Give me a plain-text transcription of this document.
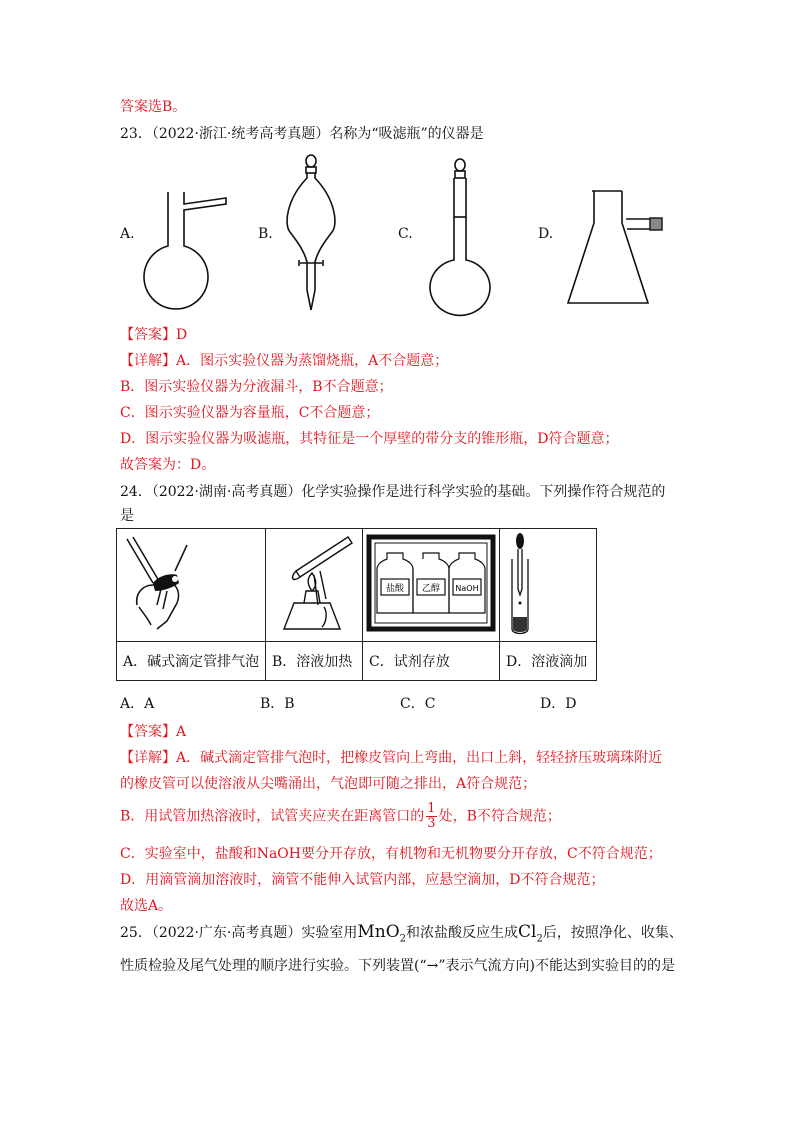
答案选B。
23．（2022·浙江·统考高考真题）名称为“吸滤瓶”的仪器是
A.	B.	C.	D.
【答案】D
【详解】A．图示实验仪器为蒸馏烧瓶，A不合题意；
B．图示实验仪器为分液漏斗，B不合题意；
C．图示实验仪器为容量瓶，C不合题意；
D．图示实验仪器为吸滤瓶，其特征是一个厚壁的带分支的锥形瓶，D符合题意；
故答案为：D。
24．（2022·湖南·高考真题）化学实验操作是进行科学实验的基础。下列操作符合规范的
是

盐酸 乙醇 NaOH

A．碱式滴定管排气泡	B．溶液加热	C．试剂存放	D．溶液滴加
A．A	B．B	C．C	D．D
【答案】A
【详解】A．碱式滴定管排气泡时，把橡皮管向上弯曲，出口上斜，轻轻挤压玻璃珠附近
的橡皮管可以使溶液从尖嘴涌出，气泡即可随之排出，A符合规范；
B．用试管加热溶液时，试管夹应夹在距离管口的 $\frac{1}{3}$ 处，B不符合规范；
C．实验室中，盐酸和NaOH要分开存放，有机物和无机物要分开存放，C不符合规范；
D．用滴管滴加溶液时，滴管不能伸入试管内部，应悬空滴加，D不符合规范；
故选A。
25．（2022·广东·高考真题）实验室用MnO$_2$和浓盐酸反应生成$Cl_2$后，按照净化、收集、
性质检验及尾气处理的顺序进行实验。下列装置(“→”表示气流方向)不能达到实验目的的是
